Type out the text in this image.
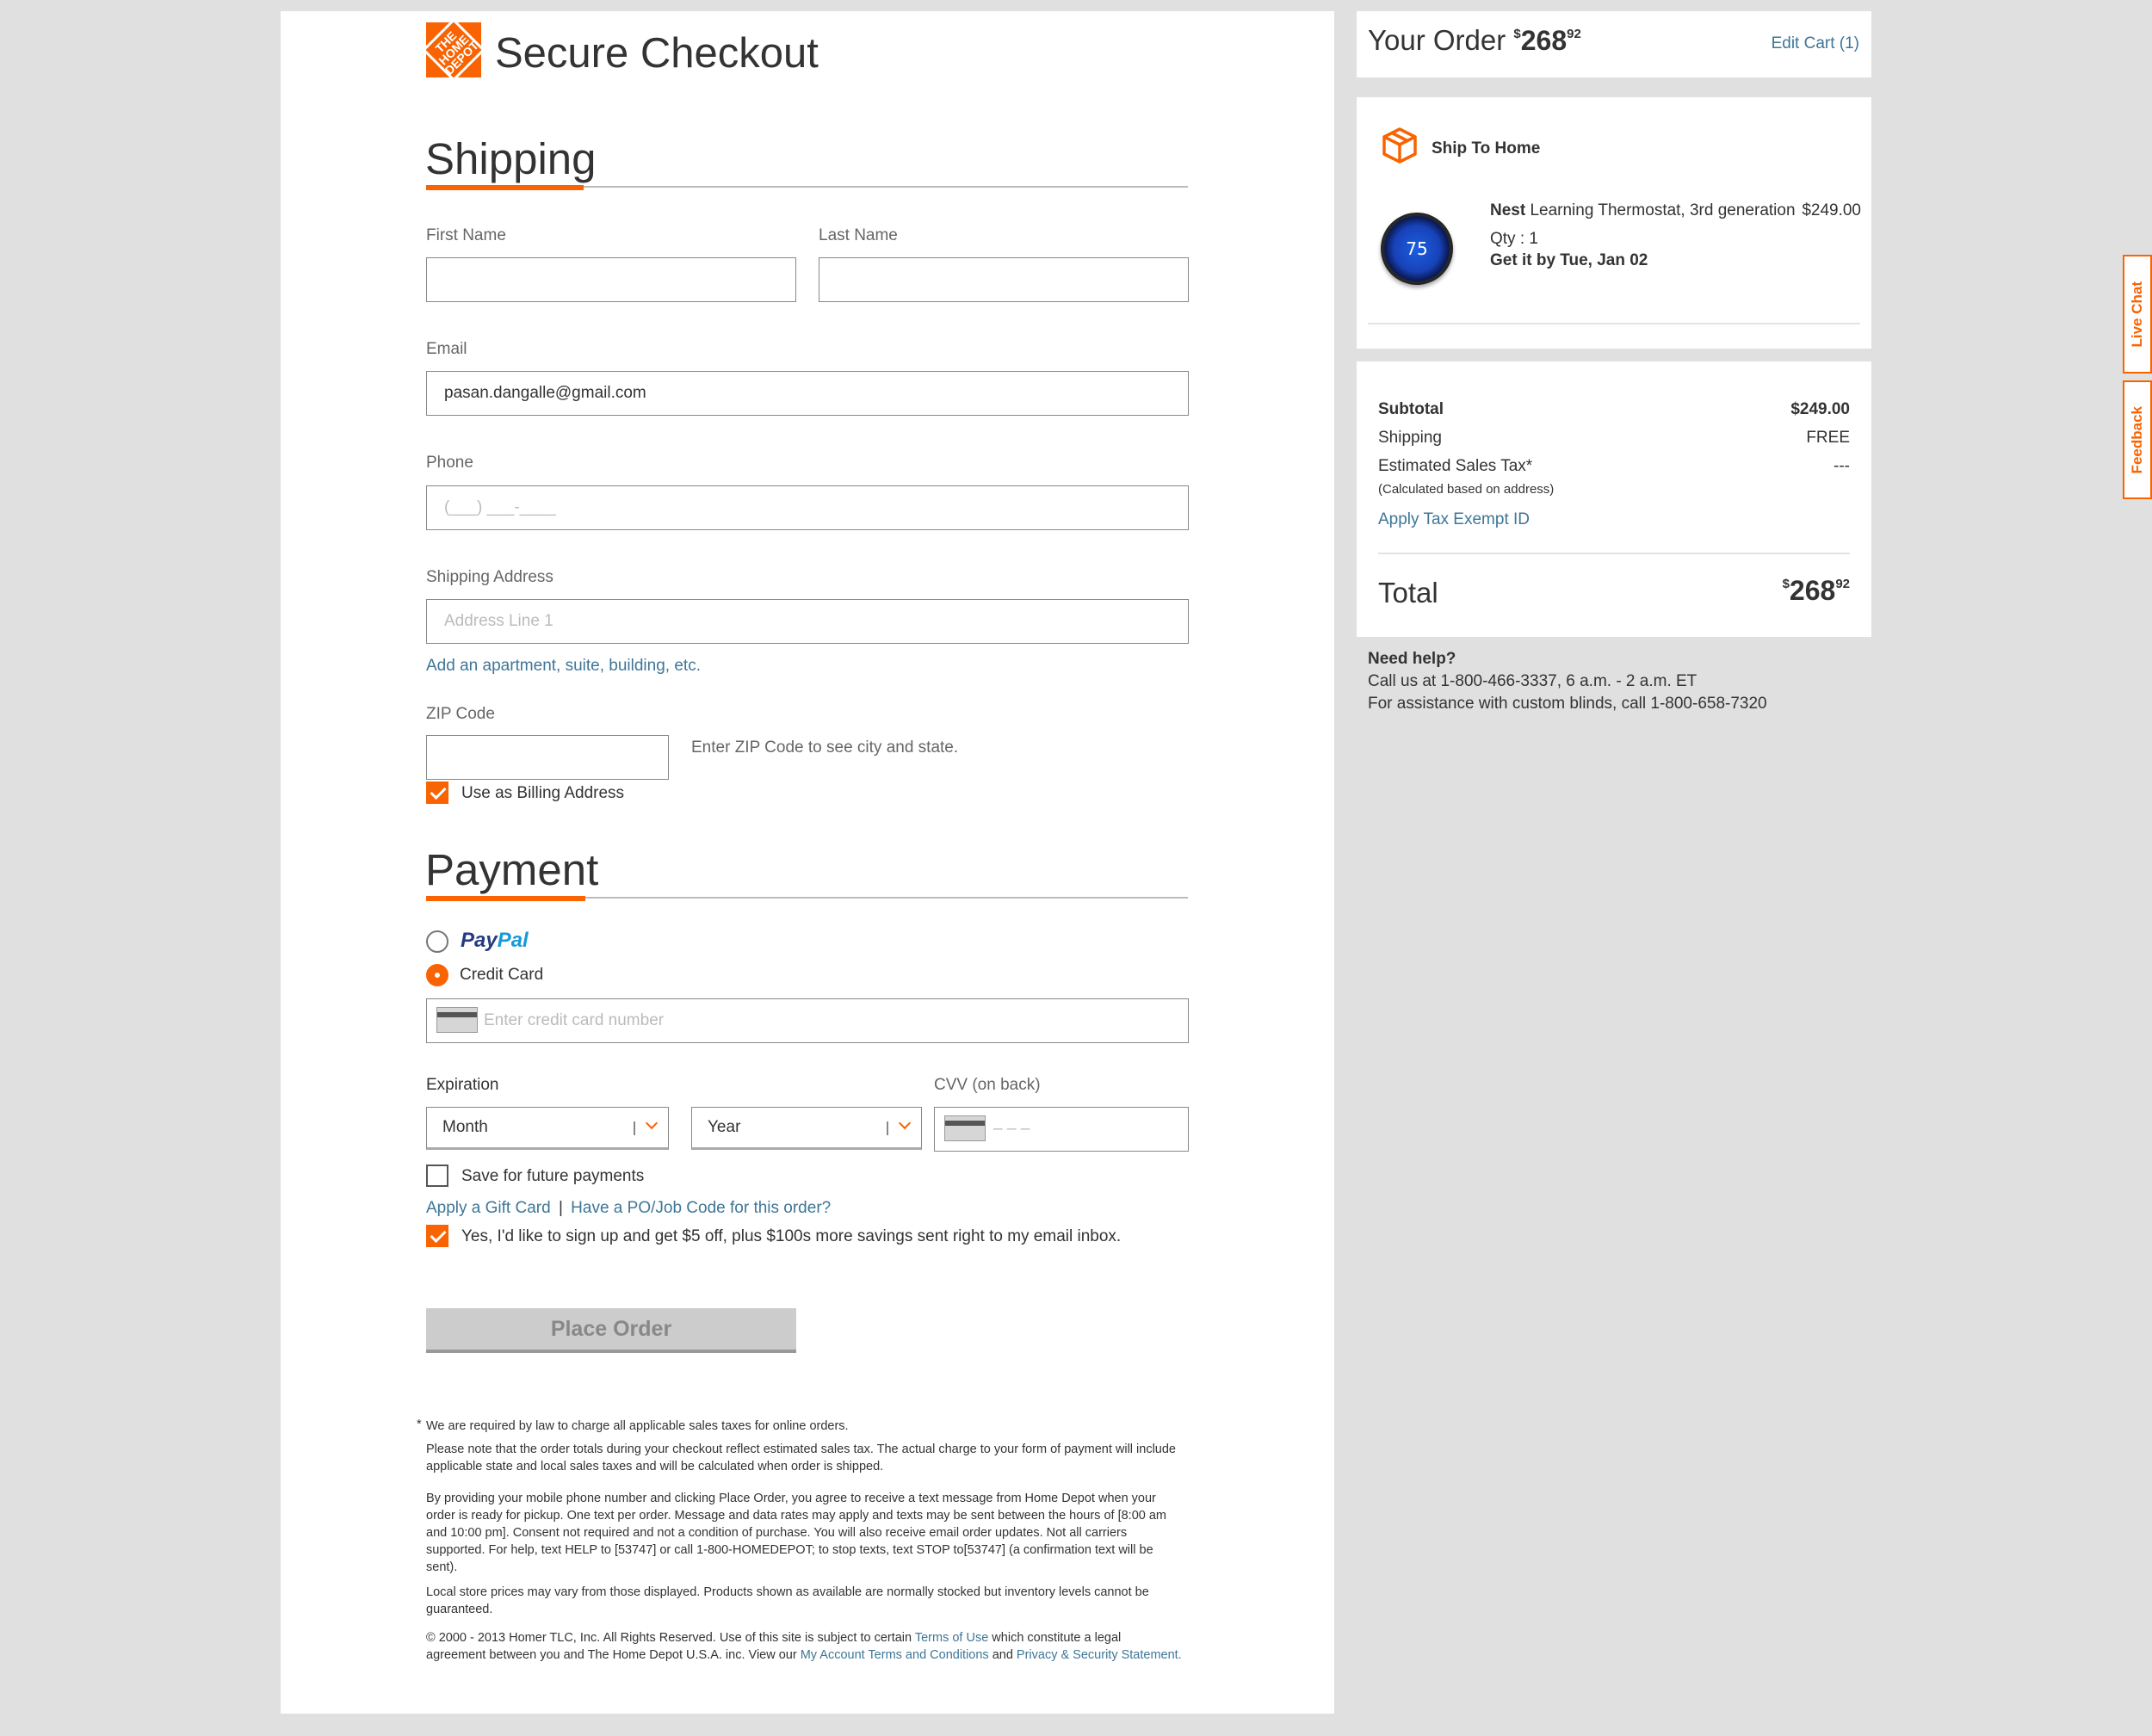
THE HOME DEPOT Secure Checkout
Shipping
First Name	Last Name
Email
pasan.dangalle@gmail.com
Phone
(___) ___-____
Shipping Address
Address Line 1
Add an apartment, suite, building, etc.
ZIP Code
Enter ZIP Code to see city and state.
Use as Billing Address
Payment
PayPal
Credit Card
Enter credit card number
Expiration
Month	Year
CVV (on back)
– – –
Save for future payments
Apply a Gift Card | Have a PO/Job Code for this order?
Yes, I'd like to sign up and get $5 off, plus $100s more savings sent right to my email inbox.
Place Order
* We are required by law to charge all applicable sales taxes for online orders.
Please note that the order totals during your checkout reflect estimated sales tax. The actual charge to your form of payment will include applicable state and local sales taxes and will be calculated when order is shipped.
By providing your mobile phone number and clicking Place Order, you agree to receive a text message from Home Depot when your order is ready for pickup. One text per order. Message and data rates may apply and texts may be sent between the hours of [8:00 am and 10:00 pm]. Consent not required and not a condition of purchase. You will also receive email order updates. Not all carriers supported. For help, text HELP to [53747] or call 1-800-HOMEDEPOT; to stop texts, text STOP to[53747] (a confirmation text will be sent).
Local store prices may vary from those displayed. Products shown as available are normally stocked but inventory levels cannot be guaranteed.
© 2000 - 2013 Homer TLC, Inc. All Rights Reserved. Use of this site is subject to certain Terms of Use which constitute a legal agreement between you and The Home Depot U.S.A. inc. View our My Account Terms and Conditions and Privacy & Security Statement.
Your Order $^{\$}268^{92}$
Edit Cart (1)
Ship To Home
75
Nest Learning Thermostat, 3rd generation $249.00
Qty : 1
Get it by Tue, Jan 02
Subtotal	$249.00
Shipping	FREE
Estimated Sales Tax*	---
(Calculated based on address)
Apply Tax Exempt ID
Total	$26892
Need help?
Call us at 1-800-466-3337, 6 a.m. - 2 a.m. ET
For assistance with custom blinds, call 1-800-658-7320
Live Chat
Feedback
